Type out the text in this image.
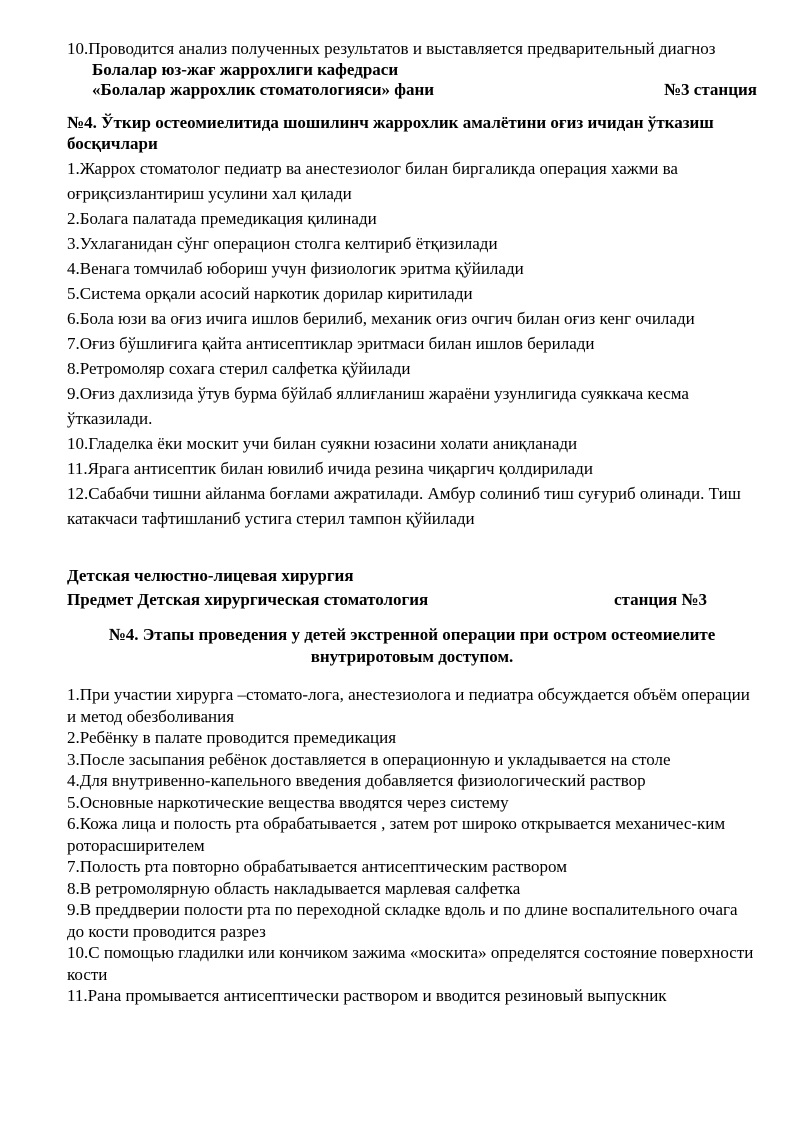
10.Проводится анализ полученных результатов и выставляется предварительный диагноз

Болалар юз-жағ жаррохлиги кафедраси

«Болалар жаррохлик стоматологияси» фани	№3 станция

№4. Ўткир остеомиелитида шошилинч жаррохлик амалётини оғиз ичидан ўтказиш босқичлари

1.Жаррох стоматолог педиатр ва анестезиолог билан биргаликда операция хажми ва оғриқсизлантириш усулини хал қилади

2.Болага палатада премедикация қилинади

3.Ухлаганидан сўнг операцион столга келтириб ётқизилади

4.Венага томчилаб юбориш учун физиологик эритма қўйилади

5.Система орқали асосий наркотик дорилар киритилади

6.Бола юзи ва оғиз ичига ишлов берилиб, механик оғиз очгич билан оғиз кенг очилади

7.Оғиз бўшлиғига қайта антисептиклар эритмаси билан ишлов берилади

8.Ретромоляр сохага стерил салфетка қўйилади

9.Оғиз дахлизида ўтув бурма бўйлаб яллиғланиш жараёни узунлигида суяккача кесма ўтказилади.

10.Гладелка ёки москит учи билан суякни юзасини холати аниқланади

11.Ярага антисептик билан ювилиб ичида резина чиқаргич қолдирилади

12.Сабабчи тишни айланма боғлами ажратилади. Амбур солиниб тиш суғуриб олинади. Тиш катакчаси тафтишланиб устига стерил тампон қўйилади

Детская челюстно-лицевая хирургия

Предмет Детская хирургическая стоматология	станция №3

№4. Этапы проведения у детей экстренной операции при остром остеомиелите внутриротовым доступом.

1.При участии хирурга –стомато-лога, анестезиолога и педиатра обсуждается объём операции и метод обезболивания

2.Ребёнку в палате проводится премедикация

3.После засыпания ребёнок доставляется в операционную и укладывается на столе

4.Для внутривенно-капельного введения добавляется физиологический раствор

5.Основные наркотические вещества вводятся через систему

6.Кожа лица и полость рта обрабатывается , затем рот широко открывается механичес-ким роторасширителем

7.Полость рта повторно обрабатывается антисептическим раствором

8.В ретромолярную область накладывается марлевая салфетка

9.В преддверии полости рта по переходной складке вдоль и по длине воспалительного очага до кости проводится разрез

10.С помощью гладилки или кончиком зажима «москита» определятся состояние поверхности кости

11.Рана промывается антисептически раствором и вводится резиновый выпускник
